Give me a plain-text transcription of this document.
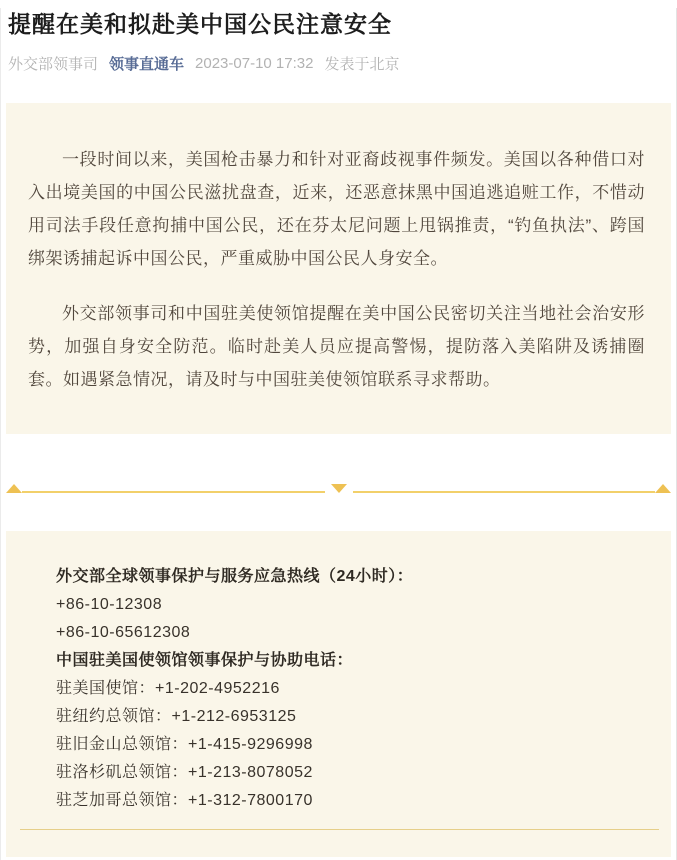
提醒在美和拟赴美中国公民注意安全
外交部领事司 领事直通车 2023-07-10 17:32 发表于北京

一段时间以来，美国枪击暴力和针对亚裔歧视事件频发。美国以各种借口对入出境美国的中国公民滋扰盘查，近来，还恶意抹黑中国追逃追赃工作，不惜动用司法手段任意拘捕中国公民，还在芬太尼问题上甩锅推责，“钓鱼执法”、跨国绑架诱捕起诉中国公民，严重威胁中国公民人身安全。

外交部领事司和中国驻美使领馆提醒在美中国公民密切关注当地社会治安形势，加强自身安全防范。临时赴美人员应提高警惕，提防落入美陷阱及诱捕圈套。如遇紧急情况，请及时与中国驻美使领馆联系寻求帮助。

外交部全球领事保护与服务应急热线（24小时）：
+86-10-12308
+86-10-65612308
中国驻美国使领馆领事保护与协助电话：
驻美国使馆：+1-202-4952216
驻纽约总领馆：+1-212-6953125
驻旧金山总领馆：+1-415-9296998
驻洛杉矶总领馆：+1-213-8078052
驻芝加哥总领馆：+1-312-7800170
